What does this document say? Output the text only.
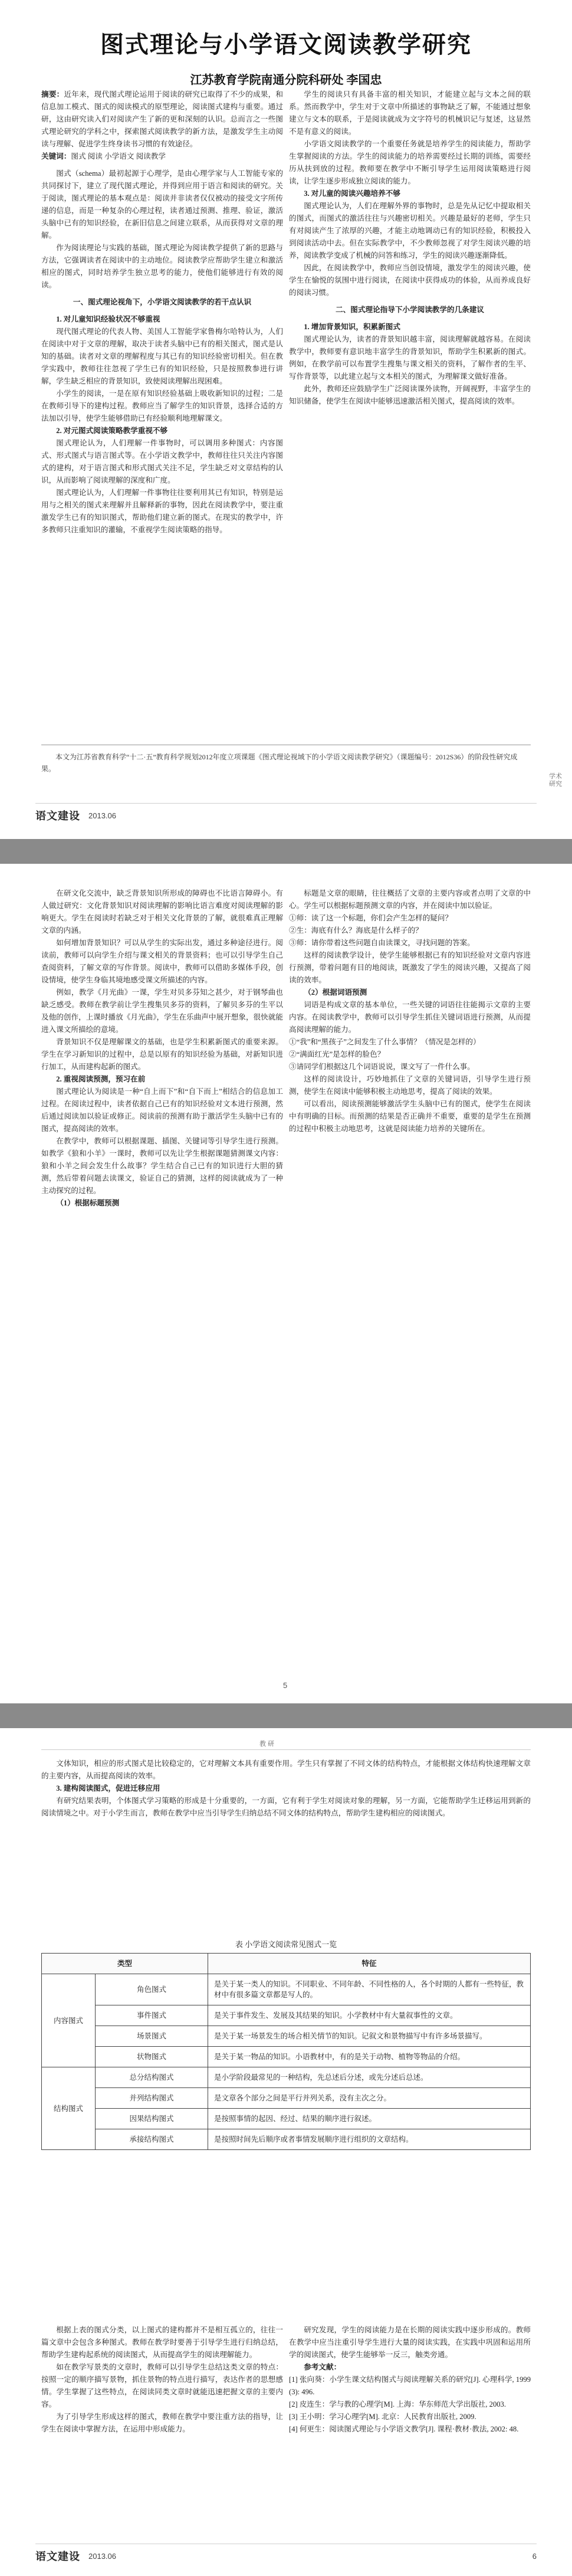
图式理论与小学语文阅读教学研究
江苏教育学院南通分院科研处 李国忠

摘要：近年来，现代图式理论运用于阅读的研究已取得了不少的成果，和信息加工模式、图式的阅读模式的原型理论，阅读图式建构与重要。通过研，这由研究读入们对阅读产生了新的更和深刻的认识。总而言之一些图式理论研究的学科之中，探索图式阅读教学的新方法，是激发学生主动阅读与理解、促进学生终身读书习惯的有效途径。

关键词：图式 阅读 小学语文 阅读教学

图式（schema）最初起源于心理学，是由心理学家与人工智能专家的共同探讨下，建立了现代图式理论，并得到应用于语言和阅读的研究。关于阅读，图式理论的基本观点是：阅读并非读者仅仅被动的接受文字所传递的信息，而是一种复杂的心理过程，读者通过预测、推理、验证，激活头脑中已有的知识经验，在新旧信息之间建立联系，从而获得对文章的理解。

作为阅读理论与实践的基础，图式理论为阅读教学提供了新的思路与方法，它强调读者在阅读中的主动地位。阅读教学应帮助学生建立和激活相应的图式，同时培养学生独立思考的能力，使他们能够进行有效的阅读。

一、图式理论视角下，小学语文阅读教学的若干点认识

1. 对儿童知识经验状况不够重视

现代图式理论的代表人物、美国人工智能学家鲁梅尔哈特认为，人们在阅读中对于文章的理解，取决于读者头脑中已有的相关图式，图式是认知的基础。读者对文章的理解程度与其已有的知识经验密切相关。但在教学实践中，教师往往忽视了学生已有的知识经验，只是按照教参进行讲解，学生缺乏相应的背景知识，致使阅读理解出现困难。

小学生的阅读，一是在原有知识经验基础上吸收新知识的过程；二是在教师引导下的建构过程。教师应当了解学生的知识背景，选择合适的方法加以引导，使学生能够借助已有经验顺利地理解课文。

2. 对元图式阅读策略教学重视不够

图式理论认为，人们理解一件事物时，可以调用多种图式：内容图式、形式图式与语言图式等。在小学语文教学中，教师往往只关注内容图式的建构，对于语言图式和形式图式关注不足，学生缺乏对文章结构的认识，从而影响了阅读理解的深度和广度。

图式理论认为，人们理解一件事物往往要利用其已有知识，特别是运用与之相关的图式来理解并且解释新的事物，因此在阅读教学中，要注重激发学生已有的知识图式，帮助他们建立新的图式。在现实的教学中，许多教师只注重知识的灌输，不重视学生阅读策略的指导。

学生的阅读只有具备丰富的相关知识，才能建立起与文本之间的联系。然而教学中，学生对于文章中所描述的事物缺乏了解，不能通过想象建立与文本的联系，于是阅读就成为文字符号的机械识记与复述，这显然不是有意义的阅读。

小学语文阅读教学的一个重要任务就是培养学生的阅读能力，帮助学生掌握阅读的方法。学生的阅读能力的培养需要经过长期的训练，需要经历从扶到放的过程。教师要在教学中不断引导学生运用阅读策略进行阅读，让学生逐步形成独立阅读的能力。

3. 对儿童的阅读兴趣培养不够

图式理论认为，人们在理解外界的事物时，总是先从记忆中提取相关的图式，而图式的激活往往与兴趣密切相关。兴趣是最好的老师，学生只有对阅读产生了浓厚的兴趣，才能主动地调动已有的知识经验，积极投入到阅读活动中去。但在实际教学中，不少教师忽视了对学生阅读兴趣的培养，阅读教学变成了机械的问答和练习，学生的阅读兴趣逐渐降低。

因此，在阅读教学中，教师应当创设情境，激发学生的阅读兴趣，使学生在愉悦的氛围中进行阅读，在阅读中获得成功的体验，从而养成良好的阅读习惯。

二、图式理论指导下小学阅读教学的几条建议

1. 增加背景知识，积累新图式

图式理论认为，读者的背景知识越丰富，阅读理解就越容易。在阅读教学中，教师要有意识地丰富学生的背景知识，帮助学生积累新的图式。例如，在教学前可以布置学生搜集与课文相关的资料，了解作者的生平、写作背景等，以此建立起与文本相关的图式，为理解课文做好准备。

此外，教师还应鼓励学生广泛阅读课外读物，开阔视野，丰富学生的知识储备，使学生在阅读中能够迅速激活相关图式，提高阅读的效率。

本文为江苏省教育科学“十二·五”教育科学规划2012年度立项课题《图式理论视域下的小学语文阅读教学研究》（课题编号：2012S36）的阶段性研究成果。
语文建设 2013.06
学术研究

在研文化交流中，缺乏背景知识所形成的障碍也不比语言障碍小。有人做过研究：文化背景知识对阅读理解的影响比语言难度对阅读理解的影响更大。学生在阅读时若缺乏对于相关文化背景的了解，就很难真正理解文章的内涵。

如何增加背景知识？可以从学生的实际出发，通过多种途径进行。阅读前，教师可以向学生介绍与课文相关的背景资料；也可以引导学生自己查阅资料，了解文章的写作背景。阅读中，教师可以借助多媒体手段，创设情境，使学生身临其境地感受课文所描述的内容。

例如，教学《月光曲》一课，学生对贝多芬知之甚少，对于钢琴曲也缺乏感受。教师在教学前让学生搜集贝多芬的资料，了解贝多芬的生平以及他的创作，上课时播放《月光曲》，学生在乐曲声中展开想象，很快就能进入课文所描绘的意境。

背景知识不仅是理解课文的基础，也是学生积累新图式的重要来源。学生在学习新知识的过程中，总是以原有的知识经验为基础，对新知识进行加工，从而建构起新的图式。

2. 重视阅读预测，预习在前

图式理论认为阅读是一种“自上而下”和“自下而上”相结合的信息加工过程。在阅读过程中，读者依据自己已有的知识经验对文本进行预测，然后通过阅读加以验证或修正。阅读前的预测有助于激活学生头脑中已有的图式，提高阅读的效率。

在教学中，教师可以根据课题、插图、关键词等引导学生进行预测。如教学《狼和小羊》一课时，教师可以先让学生根据课题猜测课文内容：狼和小羊之间会发生什么故事？学生结合自己已有的知识进行大胆的猜测，然后带着问题去读课文，验证自己的猜测，这样的阅读就成为了一种主动探究的过程。

（1）根据标题预测

标题是文章的眼睛，往往概括了文章的主要内容或者点明了文章的中心。学生可以根据标题预测文章的内容，并在阅读中加以验证。

①师：读了这一个标题，你们会产生怎样的疑问？

②生：海底有什么？海底是什么样子的？

③师：请你带着这些问题自由读课文，寻找问题的答案。

这样的阅读教学设计，使学生能够根据已有的知识经验对文章内容进行预测，带着问题有目的地阅读，既激发了学生的阅读兴趣，又提高了阅读的效率。

（2）根据词语预测

词语是构成文章的基本单位，一些关键的词语往往能揭示文章的主要内容。在阅读教学中，教师可以引导学生抓住关键词语进行预测，从而提高阅读理解的能力。

①“我”和“黑孩子”之间发生了什么事情？（情况是怎样的）

②“满面红光”是怎样的脸色？

③请同学们根据这几个词语说说，课文写了一件什么事。

这样的阅读设计，巧妙地抓住了文章的关键词语，引导学生进行预测，使学生在阅读中能够积极主动地思考，提高了阅读的效果。

可以看出，阅读预测能够激活学生头脑中已有的图式，使学生在阅读中有明确的目标。而预测的结果是否正确并不重要，重要的是学生在预测的过程中积极主动地思考，这就是阅读能力培养的关键所在。

5
教 研

文体知识，相应的形式图式是比较稳定的，它对理解文本具有重要作用。学生只有掌握了不同文体的结构特点，才能根据文体结构快速理解文章的主要内容，从而提高阅读的效率。

3. 建构阅读图式，促进迁移应用

有研究结果表明，个体图式学习策略的形成是十分重要的，一方面，它有利于学生对阅读对象的理解，另一方面，它能帮助学生迁移运用到新的阅读情境之中。对于小学生而言，教师在教学中应当引导学生归纳总结不同文体的结构特点，帮助学生建构相应的阅读图式。

表 小学语文阅读常见图式一览
类型		特征
内容图式	角色图式	是关于某一类人的知识。不同职业、不同年龄、不同性格的人，各个时期的人都有一些特征，教材中有很多篇文章都是写人的。
	事件图式	是关于事件发生、发展及其结果的知识。小学教材中有大量叙事性的文章。
	场景图式	是关于某一场景发生的场合相关情节的知识。记叙文和景物描写中有许多场景描写。
	状物图式	是关于某一物品的知识。小语教材中，有的是关于动物、植物等物品的介绍。
结构图式	总分结构图式	是小学阶段最常见的一种结构，先总述后分述，或先分述后总述。
	并列结构图式	是文章各个部分之间是平行并列关系，没有主次之分。
	因果结构图式	是按照事情的起因、经过、结果的顺序进行叙述。
	承接结构图式	是按照时间先后顺序或者事情发展顺序进行组织的文章结构。

根据上表的图式分类，以上图式的建构都并不是相互孤立的，往往一篇文章中会包含多种图式。教师在教学时要善于引导学生进行归纳总结，帮助学生建构起系统的阅读图式，从而提高学生的阅读理解能力。

如在教学写景类的文章时，教师可以引导学生总结这类文章的特点：按照一定的顺序描写景物，抓住景物的特点进行描写，表达作者的思想感情。学生掌握了这些特点，在阅读同类文章时就能迅速把握文章的主要内容。

为了引导学生形成这样的图式，教师在教学中要注重方法的指导，让学生在阅读中掌握方法，在运用中形成能力。

研究发现，学生的阅读能力是在长期的阅读实践中逐步形成的。教师在教学中应当注重引导学生进行大量的阅读实践，在实践中巩固和运用所学的阅读图式，使学生能够举一反三，触类旁通。

参考文献：

[1] 张向葵：小学生课文结构图式与阅读理解关系的研究[J]. 心理科学, 1999 (3): 496.

[2] 皮连生：学与教的心理学[M]. 上海：华东师范大学出版社, 2003.

[3] 王小明：学习心理学[M]. 北京：人民教育出版社, 2009.

[4] 何更生：阅读图式理论与小学语文教学[J]. 课程·教材·教法, 2002: 48.

语文建设 2013.06	6
